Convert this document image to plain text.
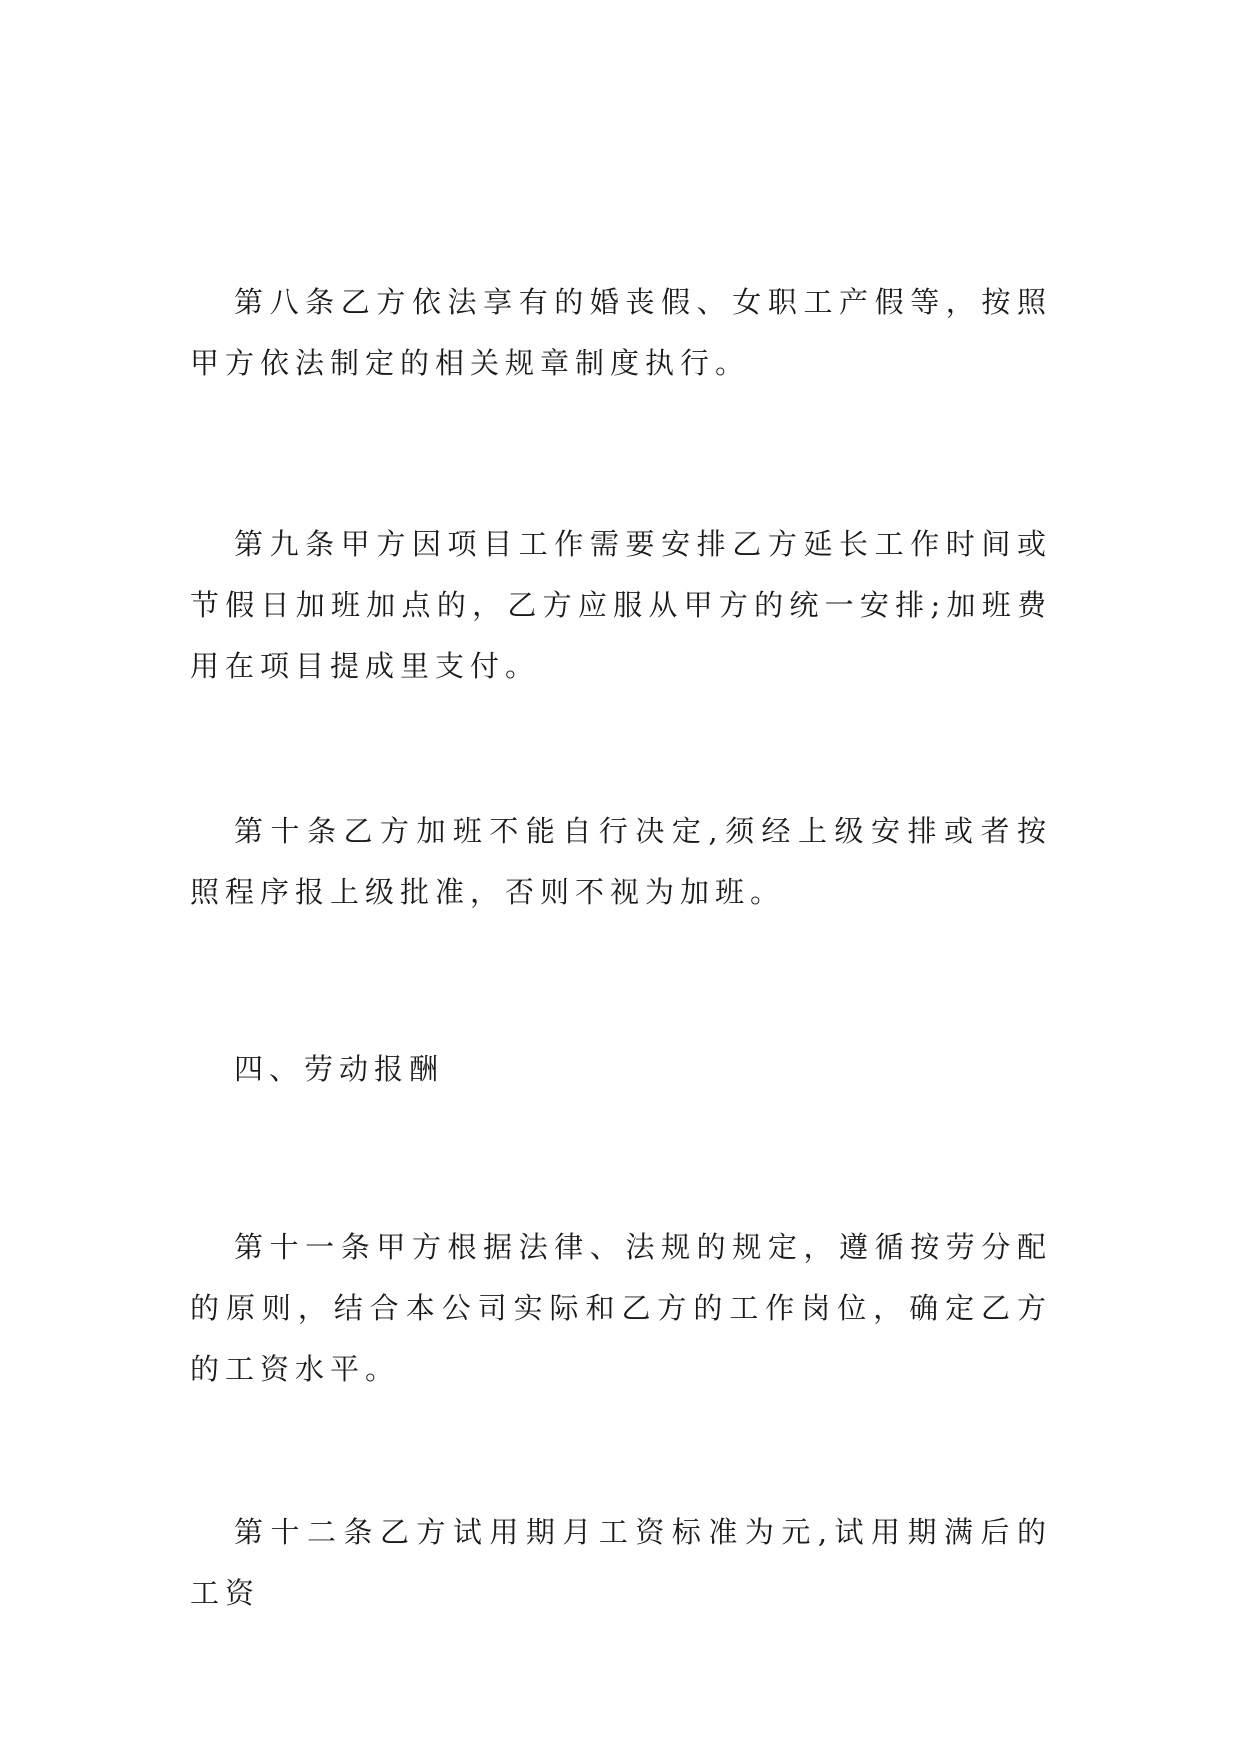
第八条乙方依法享有的婚丧假、女职工产假等，按照甲方依法制定的相关规章制度执行。

第九条甲方因项目工作需要安排乙方延长工作时间或节假日加班加点的，乙方应服从甲方的统一安排;加班费用在项目提成里支付。

第十条乙方加班不能自行决定,须经上级安排或者按照程序报上级批准，否则不视为加班。

四、劳动报酬

第十一条甲方根据法律、法规的规定，遵循按劳分配的原则，结合本公司实际和乙方的工作岗位，确定乙方的工资水平。

第十二条乙方试用期月工资标准为元,试用期满后的工资
